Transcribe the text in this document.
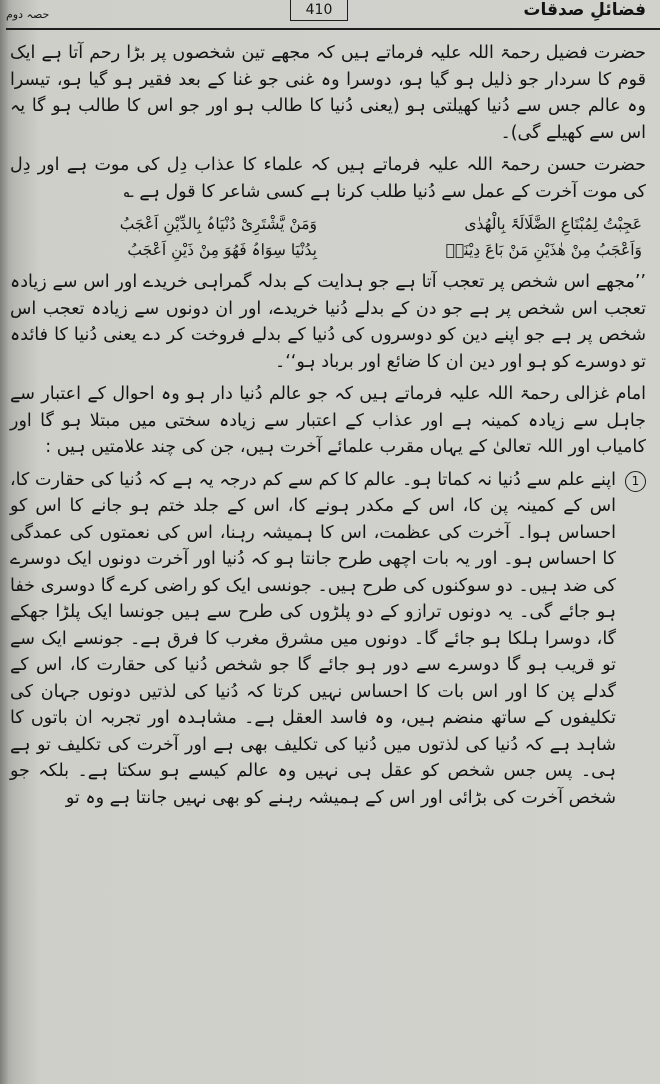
410	فضائلِ صدقات
حصہ دوم

حضرت فضیل رحمۃ اللہ علیہ فرماتے ہیں کہ مجھے تین شخصوں پر بڑا رحم آتا ہے ایک قوم کا سردار جو ذلیل ہو گیا ہو، دوسرا وہ غنی جو غنا کے بعد فقیر ہو گیا ہو، تیسرا وہ عالم جس سے دُنیا کھیلتی ہو (یعنی دُنیا کا طالب ہو اور جو اس کا طالب ہو گا یہ اس سے کھیلے گی)۔

حضرت حسن رحمۃ اللہ علیہ فرماتے ہیں کہ علماء کا عذاب دِل کی موت ہے اور دِل کی موت آخرت کے عمل سے دُنیا طلب کرنا ہے کسی شاعر کا قول ہے ؎

عَجِبْتُ لِمُبْتَاعِ الضَّلَالَۃَ بِالْھُدٰی
وَمَنْ یَّشْتَرِیْ دُنْیَاہُ بِالدِّیْنِ اَعْجَبُ
وَاَعْجَبُ مِنْ ھٰذَیْنِ مَنْ بَاعَ دِیْنَہٗ
بِدُنْیَا سِوَاہُ فَھُوَ مِنْ ذَیْنِ اَعْجَبُ

’’مجھے اس شخص پر تعجب آتا ہے جو ہدایت کے بدلہ گمراہی خریدے اور اس سے زیادہ تعجب اس شخص پر ہے جو دن کے بدلے دُنیا خریدے، اور ان دونوں سے زیادہ تعجب اس شخص پر ہے جو اپنے دین کو دوسروں کی دُنیا کے بدلے فروخت کر دے یعنی دُنیا کا فائدہ تو دوسرے کو ہو اور دین ان کا ضائع اور برباد ہو‘‘۔

امام غزالی رحمۃ اللہ علیہ فرماتے ہیں کہ جو عالم دُنیا دار ہو وہ احوال کے اعتبار سے جاہل سے زیادہ کمینہ ہے اور عذاب کے اعتبار سے زیادہ سختی میں مبتلا ہو گا اور کامیاب اور اللہ تعالیٰ کے یہاں مقرب علمائے آخرت ہیں، جن کی چند علامتیں ہیں :

1

اپنے علم سے دُنیا نہ کماتا ہو۔ عالم کا کم سے کم درجہ یہ ہے کہ دُنیا کی حقارت کا، اس کے کمینہ پن کا، اس کے مکدر ہونے کا، اس کے جلد ختم ہو جانے کا اس کو احساس ہوا۔ آخرت کی عظمت، اس کا ہمیشہ رہنا، اس کی نعمتوں کی عمدگی کا احساس ہو۔ اور یہ بات اچھی طرح جانتا ہو کہ دُنیا اور آخرت دونوں ایک دوسرے کی ضد ہیں۔ دو سوکنوں کی طرح ہیں۔ جونسی ایک کو راضی کرے گا دوسری خفا ہو جائے گی۔ یہ دونوں ترازو کے دو پلڑوں کی طرح سے ہیں جونسا ایک پلڑا جھکے گا، دوسرا ہلکا ہو جائے گا۔ دونوں میں مشرق مغرب کا فرق ہے۔ جونسے ایک سے تو قریب ہو گا دوسرے سے دور ہو جائے گا جو شخص دُنیا کی حقارت کا، اس کے گدلے پن کا اور اس بات کا احساس نہیں کرتا کہ دُنیا کی لذتیں دونوں جہان کی تکلیفوں کے ساتھ منضم ہیں، وہ فاسد العقل ہے۔ مشاہدہ اور تجربہ ان باتوں کا شاہد ہے کہ دُنیا کی لذتوں میں دُنیا کی تکلیف بھی ہے اور آخرت کی تکلیف تو ہے ہی۔ پس جس شخص کو عقل ہی نہیں وہ عالم کیسے ہو سکتا ہے۔ بلکہ جو شخص آخرت کی بڑائی اور اس کے ہمیشہ رہنے کو بھی نہیں جانتا ہے وہ تو
